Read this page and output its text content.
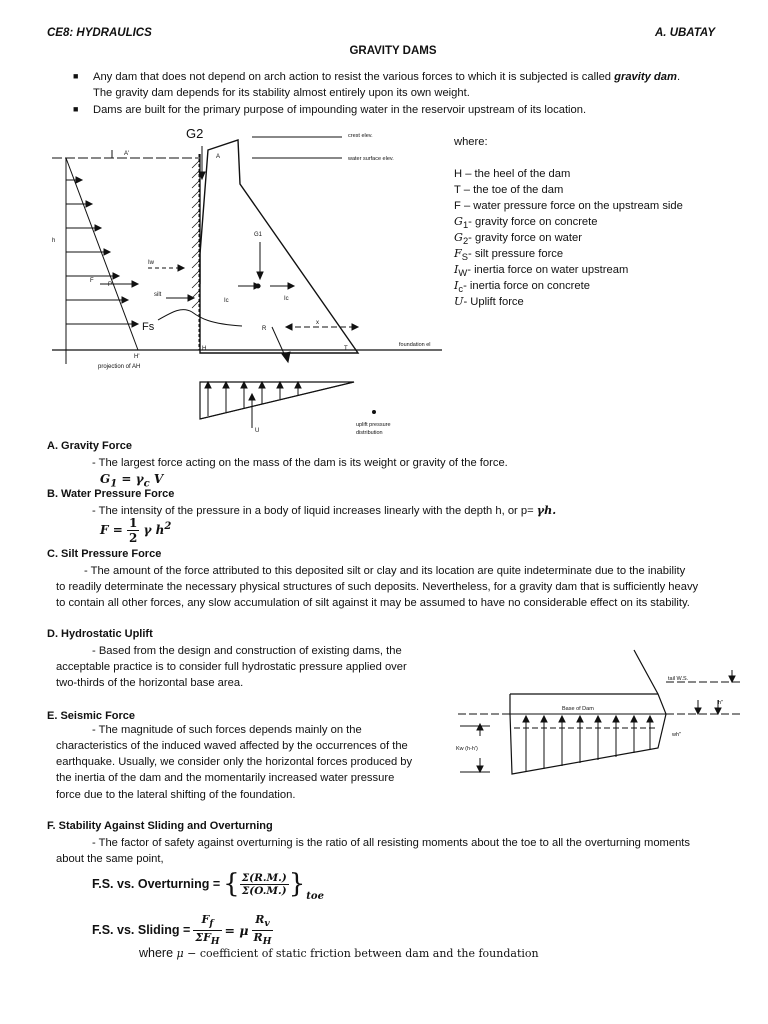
CE8: HYDRAULICS	A. UBATAY
GRAVITY DAMS
■	Any dam that does not depend on arch action to resist the various forces to which it is subjected is called gravity dam.
The gravity dam depends for its stability almost entirely upon its own weight.
■	Dams are built for the primary purpose of impounding water in the reservoir upstream of its location.
G2	crest elev.
water surface elev.
A'	A
h
F
P
Iw
silt
Fs
G1
Ic	Ic
R
x
H'
H	T
foundation el
projection of AH
U
uplift pressure
distribution
where:
H – the heel of the dam
T – the toe of the dam
F – water pressure force on the upstream side
$G_1-$ gravity force on concrete
$G_2-$ gravity force on water
$F_S-$ silt pressure force
$I_W-$ inertia force on water upstream
$I_c-$ inertia force on concrete
U- Uplift force
A. Gravity Force
- The largest force acting on the mass of the dam is its weight or gravity of the force.
$G_1 = \gamma_c$ V
B. Water Pressure Force
- The intensity of the pressure in a body of liquid increases linearly with the depth h, or p= γh.
$F = \frac{1}{2}$ γ $h^2$
C. Silt Pressure Force
- The amount of the force attributed to this deposited silt or clay and its location are quite indeterminate due to the inability
to readily determinate the necessary physical structures of such deposits. Nevertheless, for a gravity dam that is sufficiently heavy
to contain all other forces, any slow accumulation of silt against it may be assumed to have no considerable effect on its stability.
D. Hydrostatic Uplift
- Based from the design and construction of existing dams, the
acceptable practice is to consider full hydrostatic pressure applied over
two-thirds of the horizontal base area.
E. Seismic Force
- The magnitude of such forces depends mainly on the
characteristics of the induced waved affected by the occurrences of the
earthquake. Usually, we consider only the horizontal forces produced by
the inertia of the dam and the momentarily increased water pressure
force due to the lateral shifting of the foundation.
tail W.S.
Base of Dam
h"
wh"
Kw (h-h')
F. Stability Against Sliding and Overturning
- The factor of safety against overturning is the ratio of all resisting moments about the toe to all the overturning moments
about the same point,
F.S. vs. Overturning = { $\frac{\Sigma(R.M.)}{\Sigma(O.M.)}$ } toe
F.S. vs. Sliding = $\frac{F_f}{\Sigma F_H} = \mu \frac{R_v}{R_H}$
where μ − coefficient of static friction between dam and the foundation
